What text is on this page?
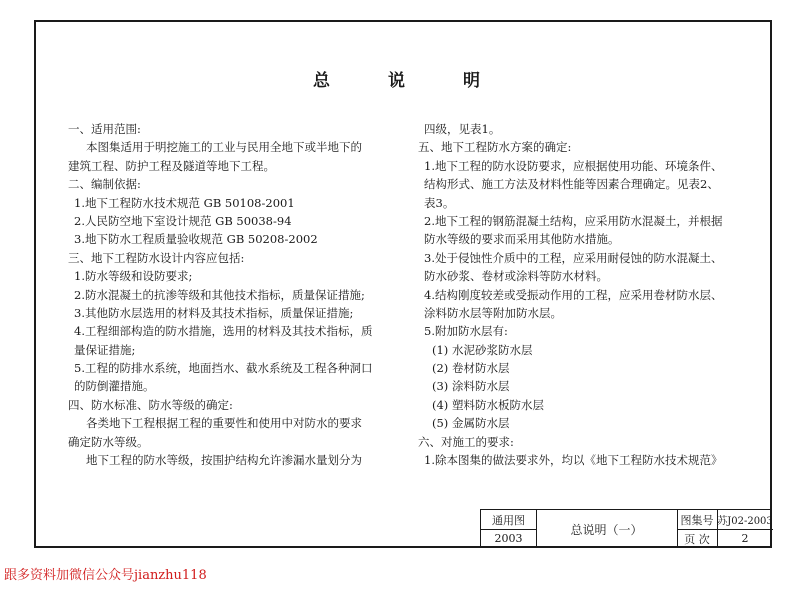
总说明
一、适用范围:
本图集适用于明挖施工的工业与民用全地下或半地下的
建筑工程、防护工程及隧道等地下工程。
二、编制依据:
1.地下工程防水技术规范 GB 50108-2001
2.人民防空地下室设计规范 GB 50038-94
3.地下防水工程质量验收规范 GB 50208-2002
三、地下工程防水设计内容应包括:
1.防水等级和设防要求;
2.防水混凝土的抗渗等级和其他技术指标，质量保证措施;
3.其他防水层选用的材料及其技术指标，质量保证措施;
4.工程细部构造的防水措施，选用的材料及其技术指标，质
量保证措施;
5.工程的防排水系统，地面挡水、截水系统及工程各种洞口
的防倒灌措施。
四、防水标准、防水等级的确定:
各类地下工程根据工程的重要性和使用中对防水的要求
确定防水等级。
地下工程的防水等级，按围护结构允许渗漏水量划分为
四级，见表1。
五、地下工程防水方案的确定:
1.地下工程的防水设防要求，应根据使用功能、环境条件、
结构形式、施工方法及材料性能等因素合理确定。见表2、
表3。
2.地下工程的钢筋混凝土结构，应采用防水混凝土，并根据
防水等级的要求而采用其他防水措施。
3.处于侵蚀性介质中的工程，应采用耐侵蚀的防水混凝土、
防水砂浆、卷材或涂料等防水材料。
4.结构刚度较差或受振动作用的工程，应采用卷材防水层、
涂料防水层等附加防水层。
5.附加防水层有:
(1) 水泥砂浆防水层
(2) 卷材防水层
(3) 涂料防水层
(4) 塑料防水板防水层
(5) 金属防水层
六、对施工的要求:
1.除本图集的做法要求外，均以《地下工程防水技术规范》
通用图
2003
总说明（一）
图集号 苏J02-2003
页 次	2
跟多资料加微信公众号jianzhu118
